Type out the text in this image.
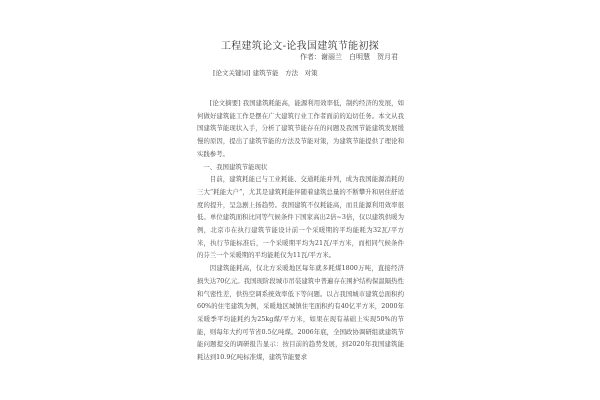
工程建筑论文-论我国建筑节能初探
作者：谢丽兰　白明慧　贺月君
[论文关键词] 建筑节能　方法　对策

[论文摘要] 我国建筑耗能高，能源利用效率低，制约经济的发展，如何做好建筑能工作是摆在广大建筑行业工作者面前的迫切任务。本文从我国建筑节能现状入手，分析了建筑节能存在的问题及我国节能建筑发展缓慢的原因，提出了建筑节能的方法及节能对策，为建筑节能提供了理论和实践参考。

一、我国建筑节能现状

目前，建筑耗能已与工业耗能、交通耗能并列，成为我国能源消耗的三大“耗能大户”，尤其是建筑耗能伴随着建筑总量的不断攀升和居住舒适度的提升，呈急剧上扬趋势。我国建筑不仅耗能高，而且能源利用效率很低。单位建筑面积比同等气候条件下国家高出2倍~3倍，仅以建筑供暖为例，北京市在执行建筑节能设计前一个采暖期的平均能耗为32瓦/平方米，执行节能标准后，一个采暖期平均为21瓦/平方米，而相同气候条件的芬兰一个采暖期的平均能耗仅为11瓦/平方米。

因建筑能耗高，仅北方采暖地区每年就多耗煤1800万吨，直接经济损失达70亿元。我国现阶段城市吊装建筑中普遍存在围护结构保温隔热性和气密性差，供热空调系统效率低下等问题。以占我国城市建筑总面积约60%的住宅建筑为例，采暖地区城镇住宅面积约有40亿平方米，2000年采暖季平均能耗约为25kg煤/平方米，如果在现有基础上实现50%的节能，则每年大约可节省0.5亿吨煤。2006年底，全国政协调研组就建筑节能问题提交的调研报告显示：按目前的趋势发展，到2020年我国建筑能耗达到10.9亿吨标准煤，建筑节能要求
